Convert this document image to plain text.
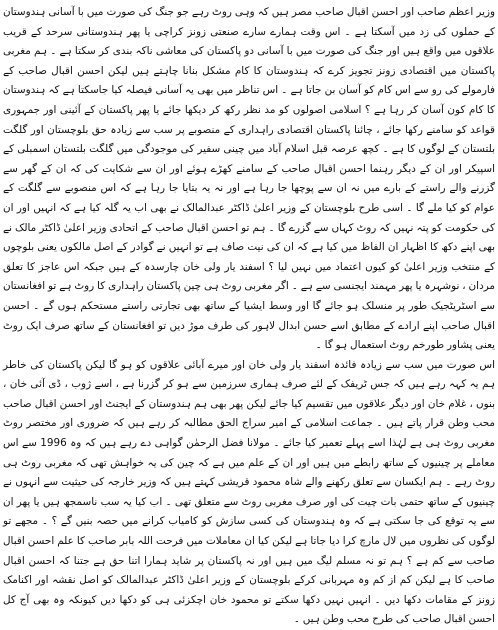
وزیر اعظم صاحب اور احسن اقبال صاحب مصر ہیں کہ وہی روٹ رہے جو جنگ کی صورت میں با آسانی ہندوستان کے حملوں کی زد میں آسکتا ہے ۔ اس وقت ہمارے سارے صنعتی زونز کراچی یا پھر ہندوستانی سرحد کے قریب علاقوں میں واقع ہیں اور جنگ کی صورت میں با آسانی دو پاکستان کی معاشی ناکہ بندی کر سکتا ہے ۔ ہم مغربی پاکستان میں اقتصادی زونز تجویز کرے کہ ہندوستان کا کام مشکل بنانا چاہتے ہیں لیکن احسن اقبال صاحب کے فارمولے کی رو سے اس کام کو آسان بن جاتا ہے ۔ اس تناظر میں بھی یہ آسانی فیصلہ کیا جاسکتا ہے کہ ہندوستان کا کام کون آسان کر رہا ہے ؟ اسلامی اصولوں کو مد نظر رکھ کر دیکھا جائے یا پھر پاکستان کے آئینی اور جمہوری قواعد کو سامنے رکھا جائے ، چائنا پاکستان اقتصادی راہداری کے منصوبے پر سب سے زیادہ حق بلوچستان اور گلگت بلتستان کے لوگوں کا ہے ۔ کچھ عرصہ قبل اسلام آباد میں چینی سفیر کی موجودگی میں گلگت بلتستان اسمبلی کے اسپیکر اور ان کے دیگر رہنما احسن اقبال صاحب کے سامنے کھڑے ہوئے اور ان سے شکایت کی کہ ان کے گھر سے گزرنے والے راستے کے بارے میں نہ ان سے پوچھا جا رہا ہے اور نہ یہ بتایا جا رہا ہے کہ اس منصوبے سے گلگت کے عوام کو کیا ملے گا ۔ اسی طرح بلوچستان کے وزیر اعلیٰ ڈاکٹر عبدالمالک نے بھی اب یہ گلہ کیا ہے کہ انہیں اور ان کی حکومت کو پتہ نہیں کہ روٹ کہاں سے گزرے گا ۔ ہم تو احسن اقبال صاحب کے اتحادی وزیر اعلیٰ ڈاکٹر مالک نے بھی اپنے دکھ کا اظہار ان الفاظ میں کیا ہے کہ ان کی نیت صاف ہے تو انہیں نے گوادر کے اصل مالکوں یعنی بلوچوں کے منتخب وزیر اعلیٰ کو کیوں اعتماد میں نہیں لیا ؟ اسفند یار ولی خان چارسدہ کے ہیں جبکہ اس عاجز کا تعلق مردان ، نوشہرہ یا پھر مہمند ایجنسی سے ہے ۔ اگر مغربی روٹ ہی چین پاکستان راہداری کا روٹ ہے تو افغانستان سے اسٹریٹجیک طور پر منسلک ہو جائے گا اور وسط ایشیا کے ساتھ بھی تجارتی راستے مستحکم ہوں گے ۔ احسن اقبال صاحب اپنے ارادے کے مطابق اسے حسن ابدال لاہور کی طرف موڑ دیں تو افغانستان کے ساتھ صرف ایک روٹ یعنی پشاور طورخم روٹ استعمال ہو گا ۔

اس صورت میں سب سے زیادہ فائدہ اسفند یار ولی خان اور میرے آبائی علاقوں کو ہو گا لیکن پاکستان کی خاطر ہم یہ کہہ رہے ہیں کہ جس ٹریفک کے لئے صرف ہماری سرزمین سے ہو کر گزرنا ہے ، اسے ژوب ، ڈی آئی خان ، بنوں ، غلام خان اور دیگر علاقوں میں تقسیم کیا جائے لیکن پھر بھی ہم ہندوستان کے ایجنٹ اور احسن اقبال صاحب محب وطن قرار پاتے ہیں ۔ جماعت اسلامی کے امیر سراج الحق مطالبہ کر رہے ہیں کہ ضروری اور مختصر روٹ مغربی روٹ ہی ہے لہٰذا اسے پہلے تعمیر کیا جائے ۔ مولانا فضل الرحمٰن گواہی دے رہے ہیں کہ وہ 1996 سے اس معاملے پر چینیوں کے ساتھ رابطے میں ہیں اور ان کے علم میں ہے کہ چین کی یہ خواہش تھی کہ مغربی روٹ ہی روٹ رہے ۔ ہم ایکسان سے تعلق رکھنے والے شاہ محمود قریشی کہتے ہیں کہ وزیر خارجہ کی حیثیت سے انہوں نے چینیوں کے ساتھ حتمی بات چیت کی اور صرف مغربی روٹ سے متعلق تھی ۔ اب کیا یہ سب ناسمجھ ہیں یا پھر ان سے یہ توقع کی جا سکتی ہے کہ وہ ہندوستان کی کسی سازش کو کامیاب کرانے میں حصہ بنیں گے ؟ ۔ مجھے تو لوگوں کی نظروں میں لال مارچ کرا دیا جاتا ہے لیکن کیا ان معاملات میں فرحت اللہ بابر صاحب کا علم احسن اقبال صاحب سے کم ہے ؟ ہم تو نہ مسلم لیگ میں ہیں اور نہ پاکستان پر شاید ہمارا اتنا حق ہے جتنا کہ احسن اقبال صاحب کا ہے لیکن کم از کم وہ مہربانی کرکے بلوچستان کے وزیر اعلیٰ ڈاکٹر عبدالمالک کو اصل نقشہ اور اکنامک زونز کے مقامات دکھا دیں ۔ انہیں نہیں دکھا سکتے تو محمود خان اچکزئی ہی کو دکھا دیں کیونکہ وہ بھی آج کل احسن اقبال صاحب کی طرح محب وطن ہیں ۔
